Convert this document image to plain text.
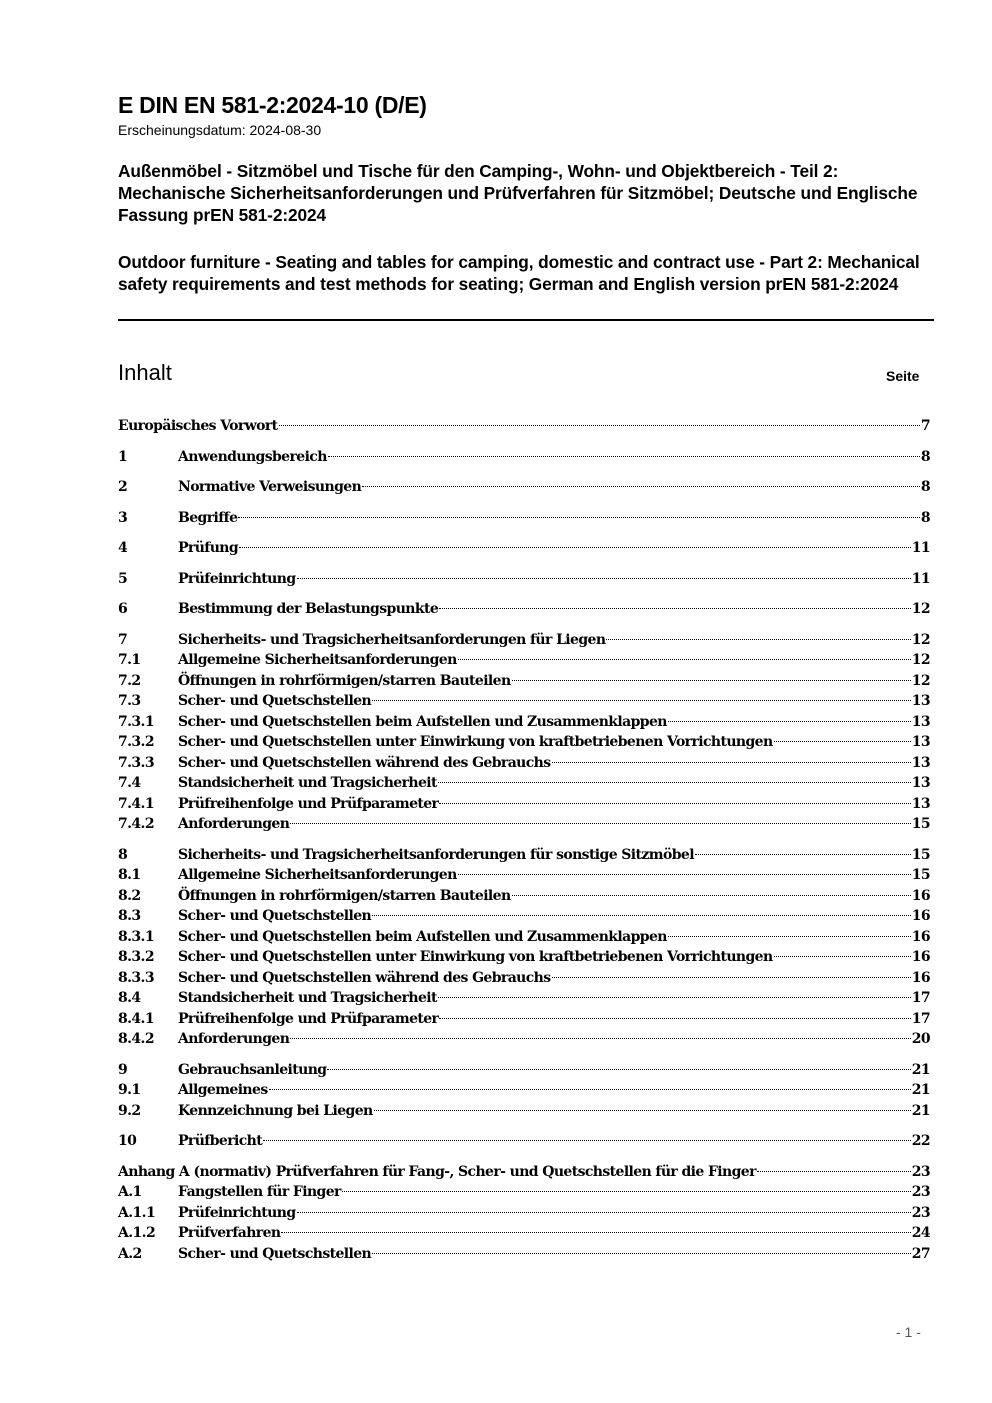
E DIN EN 581-2:2024-10 (D/E)
Erscheinungsdatum: 2024-08-30
Außenmöbel - Sitzmöbel und Tische für den Camping-, Wohn- und Objektbereich - Teil 2: Mechanische Sicherheitsanforderungen und Prüfverfahren für Sitzmöbel; Deutsche und Englische Fassung prEN 581-2:2024
Outdoor furniture - Seating and tables for camping, domestic and contract use - Part 2: Mechanical safety requirements and test methods for seating; German and English version prEN 581-2:2024
Inhalt	Seite
Europäisches Vorwort	7
1	Anwendungsbereich	8
2	Normative Verweisungen	8
3	Begriffe	8
4	Prüfung	11
5	Prüfeinrichtung	11
6	Bestimmung der Belastungspunkte	12
7	Sicherheits- und Tragsicherheitsanforderungen für Liegen	12
7.1	Allgemeine Sicherheitsanforderungen	12
7.2	Öffnungen in rohrförmigen/starren Bauteilen	12
7.3	Scher- und Quetschstellen	13
7.3.1	Scher- und Quetschstellen beim Aufstellen und Zusammenklappen	13
7.3.2	Scher- und Quetschstellen unter Einwirkung von kraftbetriebenen Vorrichtungen	13
7.3.3	Scher- und Quetschstellen während des Gebrauchs	13
7.4	Standsicherheit und Tragsicherheit	13
7.4.1	Prüfreihenfolge und Prüfparameter	13
7.4.2	Anforderungen	15
8	Sicherheits- und Tragsicherheitsanforderungen für sonstige Sitzmöbel	15
8.1	Allgemeine Sicherheitsanforderungen	15
8.2	Öffnungen in rohrförmigen/starren Bauteilen	16
8.3	Scher- und Quetschstellen	16
8.3.1	Scher- und Quetschstellen beim Aufstellen und Zusammenklappen	16
8.3.2	Scher- und Quetschstellen unter Einwirkung von kraftbetriebenen Vorrichtungen	16
8.3.3	Scher- und Quetschstellen während des Gebrauchs	16
8.4	Standsicherheit und Tragsicherheit	17
8.4.1	Prüfreihenfolge und Prüfparameter	17
8.4.2	Anforderungen	20
9	Gebrauchsanleitung	21
9.1	Allgemeines	21
9.2	Kennzeichnung bei Liegen	21
10	Prüfbericht	22
Anhang A (normativ) Prüfverfahren für Fang-, Scher- und Quetschstellen für die Finger	23
A.1	Fangstellen für Finger	23
A.1.1	Prüfeinrichtung	23
A.1.2	Prüfverfahren	24
A.2	Scher- und Quetschstellen	27
- 1 -
